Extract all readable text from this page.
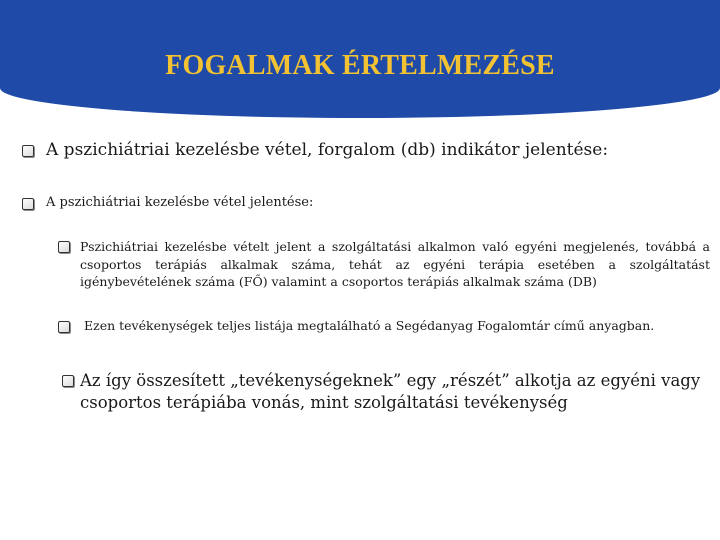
FOGALMAK ÉRTELMEZÉSE

A pszichiátriai kezelésbe vétel, forgalom (db) indikátor jelentése:

A pszichiátriai kezelésbe vétel jelentése:

Pszichiátriai kezelésbe vételt jelent a szolgáltatási alkalmon való egyéni megjelenés, továbbá a csoportos terápiás alkalmak száma, tehát az egyéni terápia esetében a szolgáltatást igénybevételének száma (FŐ) valamint a csoportos terápiás alkalmak száma (DB)

Ezen tevékenységek teljes listája megtalálható a Segédanyag Fogalomtár című anyagban.

Az így összesített „tevékenységeknek” egy „részét” alkotja az egyéni vagy csoportos terápiába vonás, mint szolgáltatási tevékenység
